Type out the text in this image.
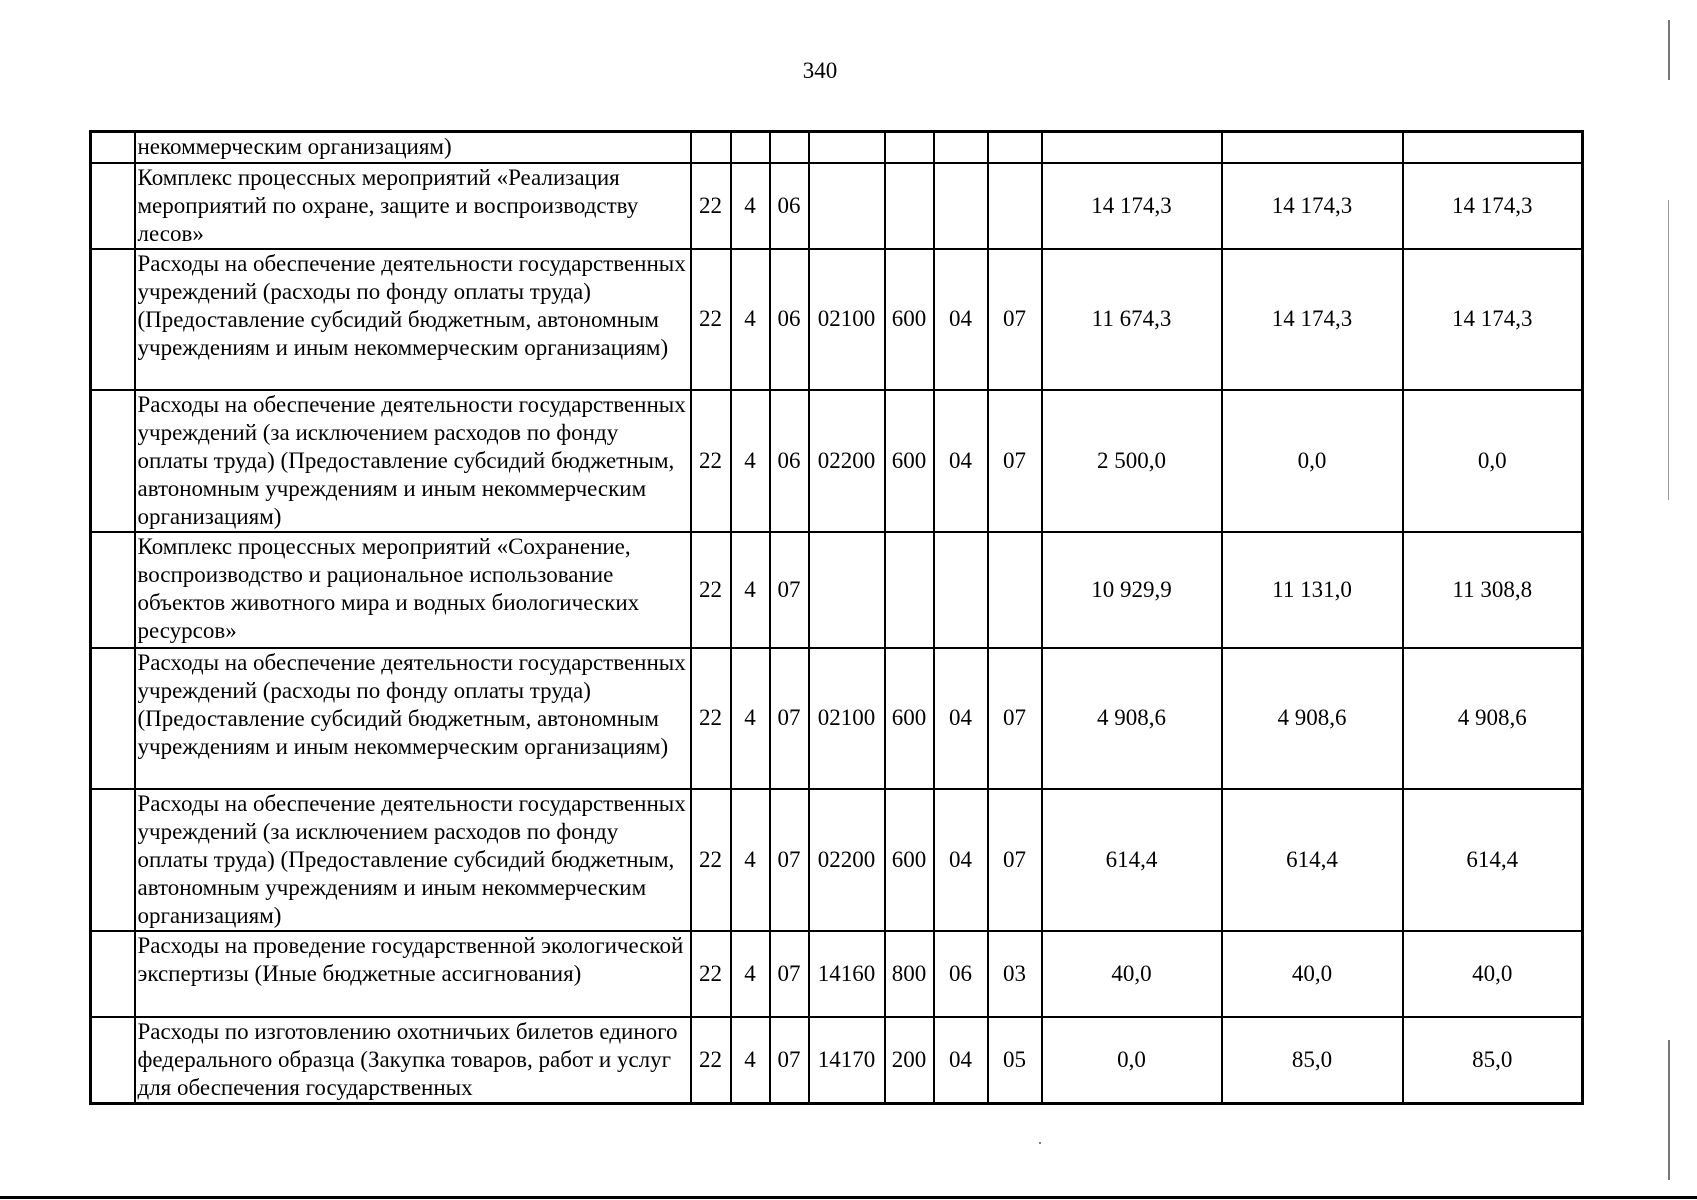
340
	некоммерческим организациям)										
	Комплекс процессных мероприятий «Реализация мероприятий по охране, защите и воспроизводству лесов»	22	4	06					14 174,3	14 174,3	14 174,3
	Расходы на обеспечение деятельности государственных учреждений (расходы по фонду оплаты труда) (Предоставление субсидий бюджетным, автономным учреждениям и иным некоммерческим организациям)	22	4	06	02100	600	04	07	11 674,3	14 174,3	14 174,3
	Расходы на обеспечение деятельности государственных учреждений (за исключением расходов по фонду оплаты труда) (Предоставление субсидий бюджетным, автономным учреждениям и иным некоммерческим организациям)	22	4	06	02200	600	04	07	2 500,0	0,0	0,0
	Комплекс процессных мероприятий «Сохранение, воспроизводство и рациональное использование объектов животного мира и водных биологических ресурсов»	22	4	07					10 929,9	11 131,0	11 308,8
	Расходы на обеспечение деятельности государственных учреждений (расходы по фонду оплаты труда) (Предоставление субсидий бюджетным, автономным учреждениям и иным некоммерческим организациям)	22	4	07	02100	600	04	07	4 908,6	4 908,6	4 908,6
	Расходы на обеспечение деятельности государственных учреждений (за исключением расходов по фонду оплаты труда) (Предоставление субсидий бюджетным, автономным учреждениям и иным некоммерческим организациям)	22	4	07	02200	600	04	07	614,4	614,4	614,4
	Расходы на проведение государственной экологической экспертизы (Иные бюджетные ассигнования)	22	4	07	14160	800	06	03	40,0	40,0	40,0
	Расходы по изготовлению охотничьих билетов единого федерального образца (Закупка товаров, работ и услуг для обеспечения государственных	22	4	07	14170	200	04	05	0,0	85,0	85,0
